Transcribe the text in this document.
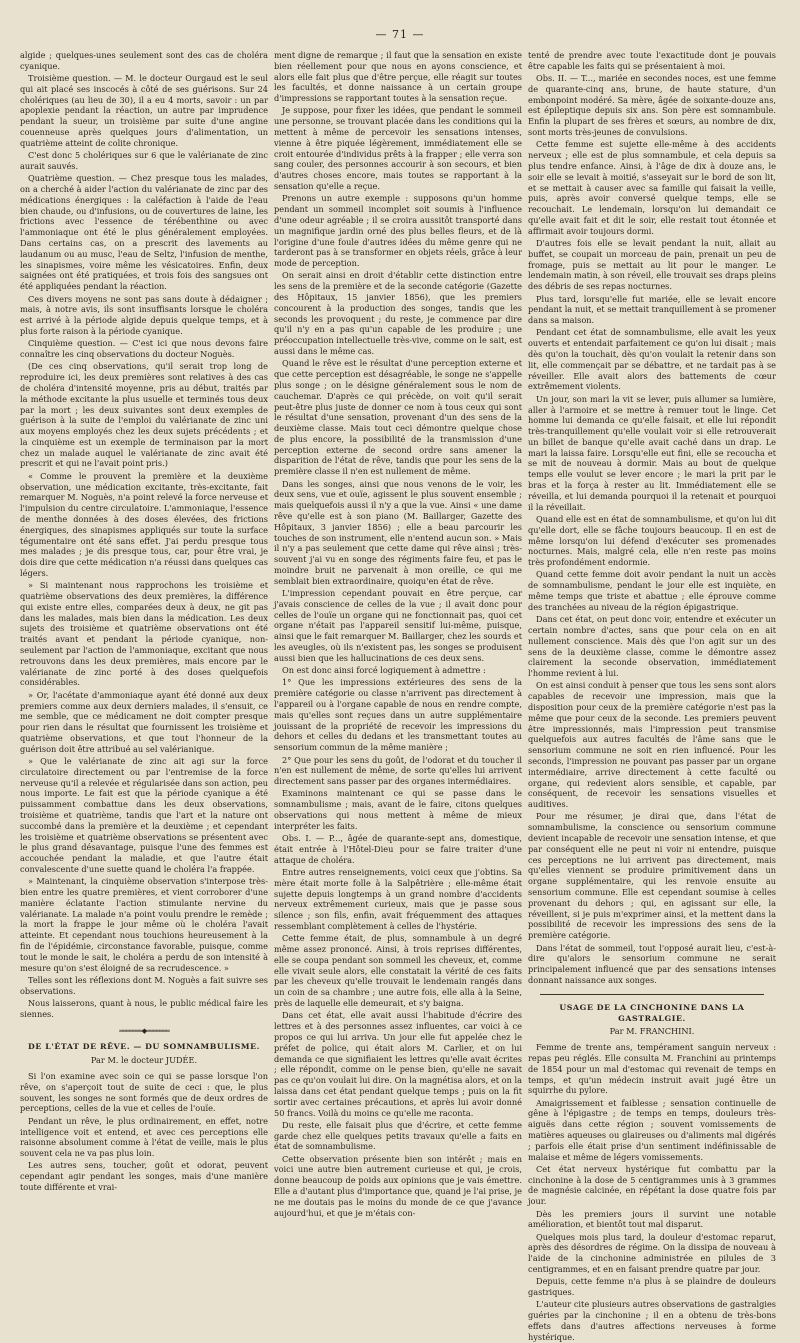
— 71 —

algide ; quelques-unes seulement sont des cas de choléra cyanique.

Troisième question. — M. le docteur Ourgaud est le seul qui ait placé ses inscocés à côté de ses guérisons. Sur 24 cholériques (au lieu de 30), il a eu 4 morts, savoir : un par apoplexie pendant la réaction, un autre par imprudence pendant la sueur, un troisième par suite d'une angine couenneuse après quelques jours d'alimentation, un quatrième atteint de colite chronique.

C'est donc 5 cholériques sur 6 que le valérianate de zinc aurait sauvés.

Quatrième question. — Chez presque tous les malades, on a cherché à aider l'action du valérianate de zinc par des médications énergiques : la caléfaction à l'aide de l'eau bien chaude, ou d'infusions, ou de couvertures de laine, les frictions avec l'essence de térébenthine ou avec l'ammoniaque ont été le plus généralement employées. Dans certains cas, on a prescrit des lavements au laudanum ou au musc, l'eau de Seltz, l'infusion de menthe, les sinapismes, voire même les vésicatoires. Enfin, deux saignées ont été pratiquées, et trois fois des sangsues ont été appliquées pendant la réaction.

Ces divers moyens ne sont pas sans doute à dédaigner ; mais, à notre avis, ils sont insuffisants lorsque le choléra est arrivé à la période algide depuis quelque temps, et à plus forte raison à la période cyanique.

Cinquième question. — C'est ici que nous devons faire connaître les cinq observations du docteur Noguès.

(De ces cinq observations, qu'il serait trop long de reproduire ici, les deux premières sont relatives à des cas de choléra d'intensité moyenne, pris au début, traités par la méthode excitante la plus usuelle et terminés tous deux par la mort ; les deux suivantes sont deux exemples de guérison à la suite de l'emploi du valérianate de zinc uni aux moyens employés chez les deux sujets précédents ; et la cinquième est un exemple de terminaison par la mort chez un malade auquel le valérianate de zinc avait été prescrit et qui ne l'avait point pris.)

« Comme le prouvent la première et la deuxième observation, une médication excitante, très-excitante, fait remarquer M. Noguès, n'a point relevé la force nerveuse et l'impulsion du centre circulatoire. L'ammoniaque, l'essence de menthe données à des doses élevées, des frictions énergiques, des sinapismes appliqués sur toute la surface tégumentaire ont été sans effet. J'ai perdu presque tous mes malades ; je dis presque tous, car, pour être vrai, je dois dire que cette médication n'a réussi dans quelques cas légers.

» Si maintenant nous rapprochons les troisième et quatrième observations des deux premières, la différence qui existe entre elles, comparées deux à deux, ne git pas dans les malades, mais bien dans la médication. Les deux sujets des troisième et quatrième observations ont été traités avant et pendant la période cyanique, non-seulement par l'action de l'ammoniaque, excitant que nous retrouvons dans les deux premières, mais encore par le valérianate de zinc porté à des doses quelquefois considérables.

» Or, l'acétate d'ammoniaque ayant été donné aux deux premiers comme aux deux derniers malades, il s'ensuit, ce me semble, que ce médicament ne doit compter presque pour rien dans le résultat que fournissent les troisième et quatrième observations, et que tout l'honneur de la guérison doit être attribué au sel valérianique.

» Que le valérianate de zinc ait agi sur la force circulatoire directement ou par l'entremise de la force nerveuse qu'il a relevée et régularisée dans son action, peu nous importe. Le fait est que la période cyanique a été puissamment combattue dans les deux observations, troisième et quatrième, tandis que l'art et la nature ont succombé dans la première et la deuxième ; et cependant les troisième et quatrième observations se présentent avec le plus grand désavantage, puisque l'une des femmes est accouchée pendant la maladie, et que l'autre était convalescente d'une suette quand le choléra l'a frappée.

» Maintenant, la cinquième observation s'interpose très-bien entre les quatre premières, et vient corroborer d'une manière éclatante l'action stimulante nervine du valérianate. La malade n'a point voulu prendre le remède ; la mort la frappe le jour même où le choléra l'avait atteinte. Et cependant nous touchions heureusement à la fin de l'épidémie, circonstance favorable, puisque, comme tout le monde le sait, le choléra a perdu de son intensité à mesure qu'on s'est éloigné de sa recrudescence. »

Telles sont les réflexions dont M. Noguès a fait suivre ses observations.

Nous laisserons, quant à nous, le public médical faire les siennes.

═══════◆═══════
DE L'ÉTAT DE RÊVE. — DU SOMNAMBULISME.
Par M. le docteur JUDÉE.

Si l'on examine avec soin ce qui se passe lorsque l'on rêve, on s'aperçoit tout de suite de ceci : que, le plus souvent, les songes ne sont formés que de deux ordres de perceptions, celles de la vue et celles de l'ouïe.

Pendant un rêve, le plus ordinairement, en effet, notre intelligence voit et entend, et avec ces perceptions elle raisonne absolument comme à l'état de veille, mais le plus souvent cela ne va pas plus loin.

Les autres sens, toucher, goût et odorat, peuvent cependant agir pendant les songes, mais d'une manière toute différente et vrai-

ment digne de remarque ; il faut que la sensation en existe bien réellement pour que nous en ayons conscience, et alors elle fait plus que d'être perçue, elle réagit sur toutes les facultés, et donne naissance à un certain groupe d'impressions se rapportant toutes à la sensation reçue.

Je suppose, pour fixer les idées, que pendant le sommeil une personne, se trouvant placée dans les conditions qui la mettent à même de percevoir les sensations intenses, vienne à être piquée légèrement, immédiatement elle se croit entourée d'individus prêts à la frapper ; elle verra son sang couler, des personnes accourir à son secours, et bien d'autres choses encore, mais toutes se rapportant à la sensation qu'elle a reçue.

Prenons un autre exemple : supposons qu'un homme pendant un sommeil incomplet soit soumis à l'influence d'une odeur agréable ; il se croira aussitôt transporté dans un magnifique jardin orné des plus belles fleurs, et de là l'origine d'une foule d'autres idées du même genre qui ne tarderont pas à se transformer en objets réels, grâce à leur mode de perception.

On serait ainsi en droit d'établir cette distinction entre les sens de la première et de la seconde catégorie (Gazette des Hôpitaux, 15 janvier 1856), que les premiers concourent à la production des songes, tandis que les seconds les provoquent ; du reste, je commence par dire qu'il n'y en a pas qu'un capable de les produire ; une préoccupation intellectuelle très-vive, comme on le sait, est aussi dans le même cas.

Quand le rêve est le résultat d'une perception externe et que cette perception est désagréable, le songe ne s'appelle plus songe ; on le désigne généralement sous le nom de cauchemar. D'après ce qui précède, on voit qu'il serait peut-être plus juste de donner ce nom à tous ceux qui sont le résultat d'une sensation, provenant d'un des sens de la deuxième classe. Mais tout ceci démontre quelque chose de plus encore, la possibilité de la transmission d'une perception externe de second ordre sans amener la disparition de l'état de rêve, tandis que pour les sens de la première classe il n'en est nullement de même.

Dans les songes, ainsi que nous venons de le voir, les deux sens, vue et ouïe, agissent le plus souvent ensemble ; mais quelquefois aussi il n'y a que la vue. Ainsi « une dame rêve qu'elle est à son piano (M. Baillarger, Gazette des Hôpitaux, 3 janvier 1856) ; elle a beau parcourir les touches de son instrument, elle n'entend aucun son. » Mais il n'y a pas seulement que cette dame qui rêve ainsi ; très-souvent j'ai vu en songe des régiments faire feu, et pas le moindre bruit ne parvenait à mon oreille, ce qui me semblait bien extraordinaire, quoiqu'en état de rêve.

L'impression cependant pouvait en être perçue, car j'avais conscience de celles de la vue ; il avait donc pour celles de l'ouïe un organe qui ne fonctionnait pas, quoi cet organe n'était pas l'appareil sensitif lui-même, puisque, ainsi que le fait remarquer M. Baillarger, chez les sourds et les aveugles, où ils n'existent pas, les songes se produisent aussi bien que les hallucinations de ces deux sens.

On est donc ainsi forcé logiquement à admettre :

1° Que les impressions extérieures des sens de la première catégorie ou classe n'arrivent pas directement à l'appareil ou à l'organe capable de nous en rendre compte, mais qu'elles sont reçues dans un autre supplémentaire jouissant de la propriété de recevoir les impressions du dehors et celles du dedans et les transmettant toutes au sensorium commun de la même manière ;

2° Que pour les sens du goût, de l'odorat et du toucher il n'en est nullement de même, de sorte qu'elles lui arrivent directement sans passer par des organes intermédiaires.

Examinons maintenant ce qui se passe dans le somnambulisme ; mais, avant de le faire, citons quelques observations qui nous mettent à même de mieux interpréter les faits.

Obs. I. — P..., âgée de quarante-sept ans, domestique, était entrée à l'Hôtel-Dieu pour se faire traiter d'une attaque de choléra.

Entre autres renseignements, voici ceux que j'obtins. Sa mère était morte folle à la Salpêtrière ; elle-même était sujette depuis longtemps à un grand nombre d'accidents nerveux extrêmement curieux, mais que je passe sous silence ; son fils, enfin, avait fréquemment des attaques ressemblant complètement à celles de l'hystérie.

Cette femme était, de plus, somnambule à un degré même assez prononcé. Ainsi, à trois reprises différentes, elle se coupa pendant son sommeil les cheveux, et, comme elle vivait seule alors, elle constatait la vérité de ces faits par les cheveux qu'elle trouvait le lendemain rangés dans un coin de sa chambre ; une autre fois, elle alla à la Seine, près de laquelle elle demeurait, et s'y baigna.

Dans cet état, elle avait aussi l'habitude d'écrire des lettres et à des personnes assez influentes, car voici à ce propos ce qui lui arriva. Un jour elle fut appelée chez le préfet de police, qui était alors M. Carlier, et on lui demanda ce que signifiaient les lettres qu'elle avait écrites ; elle répondit, comme on le pense bien, qu'elle ne savait pas ce qu'on voulait lui dire. On la magnétisa alors, et on la laissa dans cet état pendant quelque temps ; puis on la fit sortir avec certaines précautions, et après lui avoir donné 50 francs. Voilà du moins ce qu'elle me raconta.

Du reste, elle faisait plus que d'écrire, et cette femme garde chez elle quelques petits travaux qu'elle a faits en état de somnambulisme.

Cette observation présente bien son intérêt ; mais en voici une autre bien autrement curieuse et qui, je crois, donne beaucoup de poids aux opinions que je vais émettre. Elle a d'autant plus d'importance que, quand je l'ai prise, je ne me doutais pas le moins du monde de ce que j'avance aujourd'hui, et que je m'étais con-

tenté de prendre avec toute l'exactitude dont je pouvais être capable les faits qui se présentaient à moi.

Obs. II. — T..., mariée en secondes noces, est une femme de quarante-cinq ans, brune, de haute stature, d'un embonpoint modéré. Sa mère, âgée de soixante-douze ans, est épileptique depuis six ans. Son père est somnambule. Enfin la plupart de ses frères et sœurs, au nombre de dix, sont morts très-jeunes de convulsions.

Cette femme est sujette elle-même à des accidents nerveux ; elle est de plus somnambule, et cela depuis sa plus tendre enfance. Ainsi, à l'âge de dix à douze ans, le soir elle se levait à moitié, s'asseyait sur le bord de son lit, et se mettait à causer avec sa famille qui faisait la veille, puis, après avoir conversé quelque temps, elle se recouchait. Le lendemain, lorsqu'on lui demandait ce qu'elle avait fait et dit le soir, elle restait tout étonnée et affirmait avoir toujours dormi.

D'autres fois elle se levait pendant la nuit, allait au buffet, se coupait un morceau de pain, prenait un peu de fromage, puis se mettait au lit pour le manger. Le lendemain matin, à son réveil, elle trouvait ses draps pleins des débris de ses repas nocturnes.

Plus tard, lorsqu'elle fut mariée, elle se levait encore pendant la nuit, et se mettait tranquillement à se promener dans sa maison.

Pendant cet état de somnambulisme, elle avait les yeux ouverts et entendait parfaitement ce qu'on lui disait ; mais dès qu'on la touchait, dès qu'on voulait la retenir dans son lit, elle commençait par se débattre, et ne tardait pas à se réveiller. Elle avait alors des battements de cœur extrêmement violents.

Un jour, son mari la vit se lever, puis allumer sa lumière, aller à l'armoire et se mettre à remuer tout le linge. Cet homme lui demanda ce qu'elle faisait, et elle lui répondit très-tranquillement qu'elle voulait voir si elle retrouverait un billet de banque qu'elle avait caché dans un drap. Le mari la laissa faire. Lorsqu'elle eut fini, elle se recoucha et se mit de nouveau à dormir. Mais au bout de quelque temps elle voulut se lever encore ; le mari la prit par le bras et la força à rester au lit. Immédiatement elle se réveilla, et lui demanda pourquoi il la retenait et pourquoi il la réveillait.

Quand elle est en état de somnambulisme, et qu'on lui dit qu'elle dort, elle se fâche toujours beaucoup. Il en est de même lorsqu'on lui défend d'exécuter ses promenades nocturnes. Mais, malgré cela, elle n'en reste pas moins très profondément endormie.

Quand cette femme doit avoir pendant la nuit un accès de somnambulisme, pendant le jour elle est inquiète, en même temps que triste et abattue ; elle éprouve comme des tranchées au niveau de la région épigastrique.

Dans cet état, on peut donc voir, entendre et exécuter un certain nombre d'actes, sans que pour cela on en ait nullement conscience. Mais dès que l'on agit sur un des sens de la deuxième classe, comme le démontre assez clairement la seconde observation, immédiatement l'homme revient à lui.

On est ainsi conduit à penser que tous les sens sont alors capables de recevoir une impression, mais que la disposition pour ceux de la première catégorie n'est pas la même que pour ceux de la seconde. Les premiers peuvent être impressionnés, mais l'impression peut transmise quelquefois aux autres facultés de l'âme sans que le sensorium commune ne soit en rien influencé. Pour les seconds, l'impression ne pouvant pas passer par un organe intermédiaire, arrive directement à cette faculté ou organe, qui redevient alors sensible, et capable, par conséquent, de recevoir les sensations visuelles et auditives.

Pour me résumer, je dirai que, dans l'état de somnambulisme, la conscience ou sensorium commune devient incapable de recevoir une sensation intense, et que par conséquent elle ne peut ni voir ni entendre, puisque ces perceptions ne lui arrivent pas directement, mais qu'elles viennent se produire primitivement dans un organe supplémentaire, qui les renvoie ensuite au sensorium commune. Elle est cependant soumise à celles provenant du dehors ; qui, en agissant sur elle, la réveillent, si je puis m'exprimer ainsi, et la mettent dans la possibilité de recevoir les impressions des sens de la première catégorie.

Dans l'état de sommeil, tout l'opposé aurait lieu, c'est-à-dire qu'alors le sensorium commune ne serait principalement influencé que par des sensations intenses donnant naissance aux songes.

USAGE DE LA CINCHONINE DANS LA GASTRALGIE.
Par M. FRANCHINI.

Femme de trente ans, tempérament sanguin nerveux : repas peu réglés. Elle consulta M. Franchini au printemps de 1854 pour un mal d'estomac qui revenait de temps en temps, et qu'un médecin instruit avait jugé être un squirrhe du pylore.

Amaigrissement et faiblesse ; sensation continuelle de gêne à l'épigastre ; de temps en temps, douleurs très-aiguës dans cette région ; souvent vomissements de matières aqueuses ou glaireuses ou d'aliments mal digérés ; parfois elle était prise d'un sentiment indéfinissable de malaise et même de légers vomissements.

Cet état nerveux hystérique fut combattu par la cinchonine à la dose de 5 centigrammes unis à 3 grammes de magnésie calcinée, en répétant la dose quatre fois par jour.

Dès les premiers jours il survint une notable amélioration, et bientôt tout mal disparut.

Quelques mois plus tard, la douleur d'estomac reparut, après des désordres de régime. On la dissipa de nouveau à l'aide de la cinchonine administrée en pilules de 3 centigrammes, et en en faisant prendre quatre par jour.

Depuis, cette femme n'a plus à se plaindre de douleurs gastriques.

L'auteur cite plusieurs autres observations de gastralgies guéries par la cinchonine ; il en a obtenu de très-bons effets dans d'autres affections nerveuses à forme hystérique.
